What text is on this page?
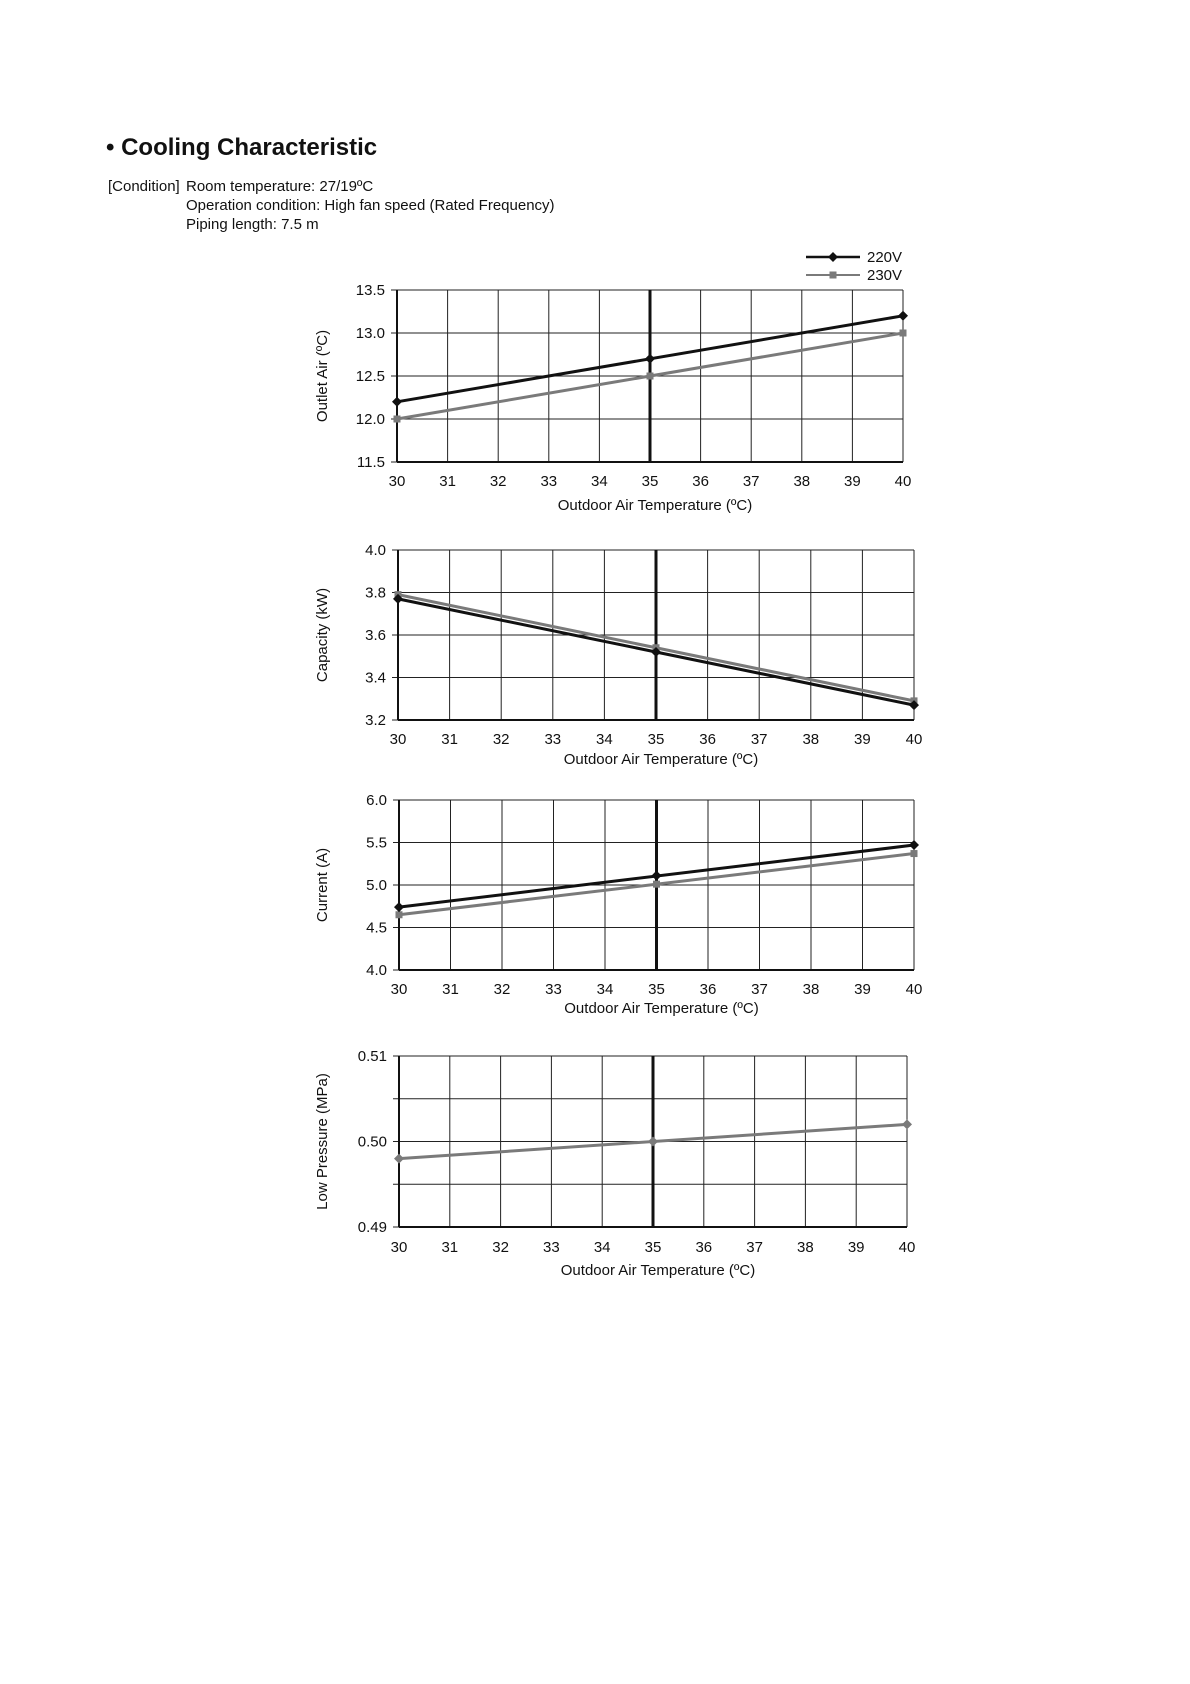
• Cooling Characteristic
[Condition] Room temperature: 27/19ºC
Operation condition: High fan speed (Rated Frequency)
Piping length: 7.5 m
11.5
12.0
12.5
13.0
13.5
30 31 32 33 34 35 36 37 38 39 40
Outdoor Air Temperature (ºC)
Outlet Air (ºC)
3.2
3.4
3.6
3.8
4.0
30 31 32 33 34 35 36 37 38 39 40
Outdoor Air Temperature (ºC)
Capacity (kW)
4.0
4.5
5.0
5.5
6.0
30 31 32 33 34 35 36 37 38 39 40
Outdoor Air Temperature (ºC)
Current (A)
0.49
0.50
0.51
30 31 32 33 34 35 36 37 38 39 40
Outdoor Air Temperature (ºC)
Low Pressure (MPa)
220V
230V
